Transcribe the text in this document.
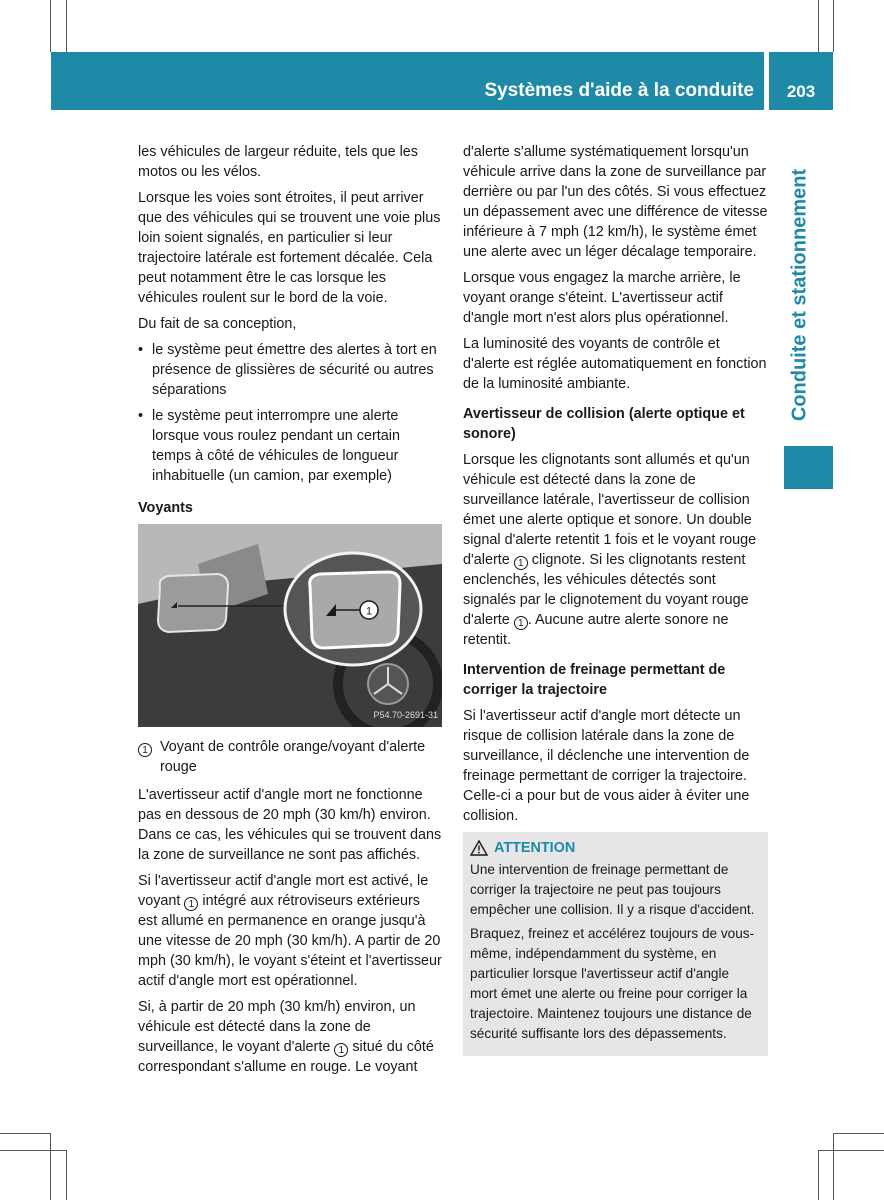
Systèmes d'aide à la conduite	203
Conduite et stationnement

les véhicules de largeur réduite, tels que les motos ou les vélos.

Lorsque les voies sont étroites, il peut arriver que des véhicules qui se trouvent une voie plus loin soient signalés, en particulier si leur trajectoire latérale est fortement décalée. Cela peut notamment être le cas lorsque les véhicules roulent sur le bord de la voie.

Du fait de sa conception,

• le système peut émettre des alertes à tort en présence de glissières de sécurité ou autres séparations
• le système peut interrompre une alerte lorsque vous roulez pendant un certain temps à côté de véhicules de longueur inhabituelle (un camion, par exemple)
Voyants
1
P54.70-2691-31
1 Voyant de contrôle orange/voyant d'alerte rouge

L'avertisseur actif d'angle mort ne fonctionne pas en dessous de 20 mph (30 km/h) environ. Dans ce cas, les véhicules qui se trouvent dans la zone de surveillance ne sont pas affichés.

Si l'avertisseur actif d'angle mort est activé, le voyant 1 intégré aux rétroviseurs extérieurs est allumé en permanence en orange jusqu'à une vitesse de 20 mph (30 km/h). A partir de 20 mph (30 km/h), le voyant s'éteint et l'avertisseur actif d'angle mort est opérationnel.

Si, à partir de 20 mph (30 km/h) environ, un véhicule est détecté dans la zone de surveillance, le voyant d'alerte 1 situé du côté correspondant s'allume en rouge. Le voyant

d'alerte s'allume systématiquement lorsqu'un véhicule arrive dans la zone de surveillance par derrière ou par l'un des côtés. Si vous effectuez un dépassement avec une différence de vitesse inférieure à 7 mph (12 km/h), le système émet une alerte avec un léger décalage temporaire.

Lorsque vous engagez la marche arrière, le voyant orange s'éteint. L'avertisseur actif d'angle mort n'est alors plus opérationnel.

La luminosité des voyants de contrôle et d'alerte est réglée automatiquement en fonction de la luminosité ambiante.

Avertisseur de collision (alerte optique et sonore)

Lorsque les clignotants sont allumés et qu'un véhicule est détecté dans la zone de surveillance latérale, l'avertisseur de collision émet une alerte optique et sonore. Un double signal d'alerte retentit 1 fois et le voyant rouge d'alerte 1 clignote. Si les clignotants restent enclenchés, les véhicules détectés sont signalés par le clignotement du voyant rouge d'alerte 1 . Aucune autre alerte sonore ne retentit.

Intervention de freinage permettant de corriger la trajectoire

Si l'avertisseur actif d'angle mort détecte un risque de collision latérale dans la zone de surveillance, il déclenche une intervention de freinage permettant de corriger la trajectoire. Celle-ci a pour but de vous aider à éviter une collision.

ATTENTION

Une intervention de freinage permettant de corriger la trajectoire ne peut pas toujours empêcher une collision. Il y a risque d'accident.

Braquez, freinez et accélérez toujours de vous-même, indépendamment du système, en particulier lorsque l'avertisseur actif d'angle mort émet une alerte ou freine pour corriger la trajectoire. Maintenez toujours une distance de sécurité suffisante lors des dépassements.
